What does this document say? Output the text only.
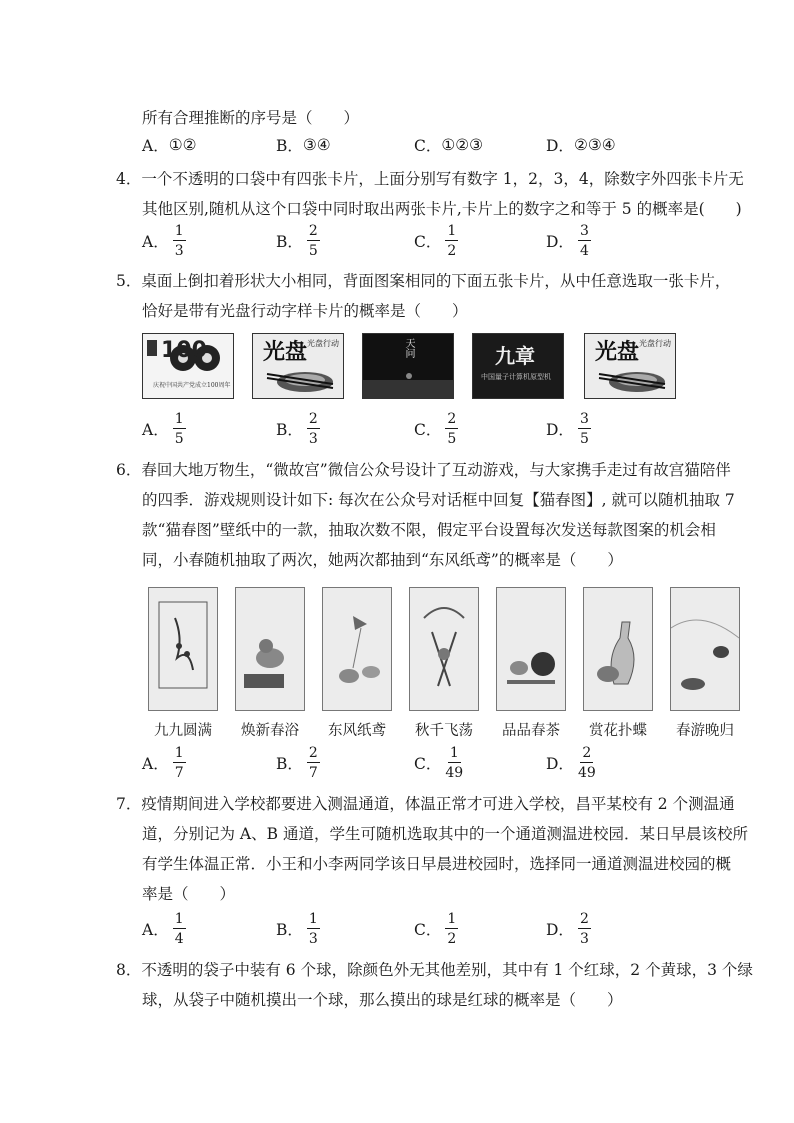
所有合理推断的序号是（　　）
A． ①②	B． ③④	C． ①②③	D． ②③④
4．一个不透明的口袋中有四张卡片，上面分别写有数字 1，2，3，4，除数字外四张卡片无
其他区别,随机从这个口袋中同时取出两张卡片,卡片上的数字之和等于 5 的概率是(　　)
A． $\frac{1}{3}$	B． $\frac{2}{5}$	C． $\frac{1}{2}$	D． $\frac{3}{4}$
5．桌面上倒扣着形状大小相同，背面图案相同的下面五张卡片，从中任意选取一张卡片，
恰好是带有光盘行动字样卡片的概率是（　　）
100
庆祝中国共产党成立100周年
光盘 光盘行动	天问	九章
中国量子计算机原型机
光盘 光盘行动
A． $\frac{1}{5}$	B． $\frac{2}{3}$	C． $\frac{2}{5}$	D． $\frac{3}{5}$
6．春回大地万物生，“微故宫”微信公众号设计了互动游戏，与大家携手走过有故宫猫陪伴
的四季．游戏规则设计如下: 每次在公众号对话框中回复【猫春图】, 就可以随机抽取 7
款“猫春图”壁纸中的一款，抽取次数不限，假定平台设置每次发送每款图案的机会相
同，小春随机抽取了两次，她两次都抽到“东风纸鸢”的概率是（　　）
九九圆满 焕新春浴 东风纸鸢 秋千飞荡 品品春茶 赏花扑蝶 春游晚归
A． $\frac{1}{7}$	B． $\frac{2}{7}$	C． $\frac{1}{49}$	D． $\frac{2}{49}$
7．疫情期间进入学校都要进入测温通道，体温正常才可进入学校，昌平某校有 2 个测温通
道，分别记为 A、B 通道，学生可随机选取其中的一个通道测温进校园．某日早晨该校所
有学生体温正常．小王和小李两同学该日早晨进校园时，选择同一通道测温进校园的概
率是（　　）
A． $\frac{1}{4}$	B． $\frac{1}{3}$	C． $\frac{1}{2}$	D． $\frac{2}{3}$
8．不透明的袋子中装有 6 个球，除颜色外无其他差别，其中有 1 个红球，2 个黄球，3 个绿
球，从袋子中随机摸出一个球，那么摸出的球是红球的概率是（　　）
